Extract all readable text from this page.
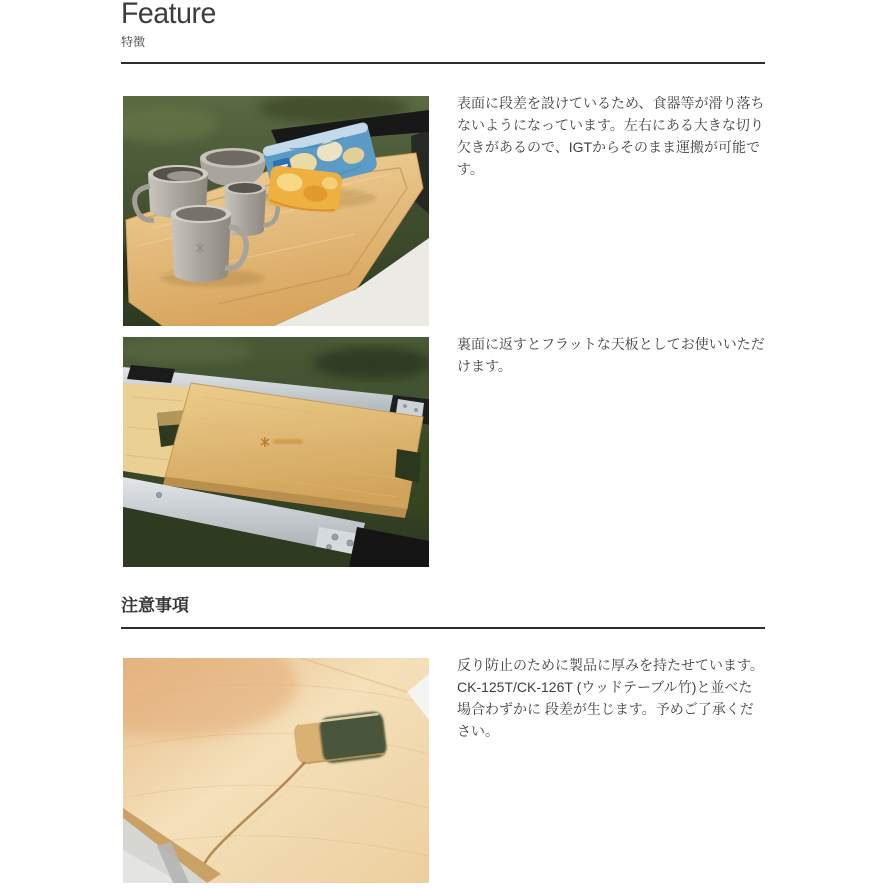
Feature
特徴

表面に段差を設けているため、食器等が滑り落ちないようになっています。左右にある大きな切り欠きがあるので、IGTからそのまま運搬が可能です。

裏面に返すとフラットな天板としてお使いいただけます。

注意事項

反り防止のために製品に厚みを持たせています。CK-125T/CK-126T (ウッドテーブル竹)と並べた場合わずかに 段差が生じます。予めご了承ください。
